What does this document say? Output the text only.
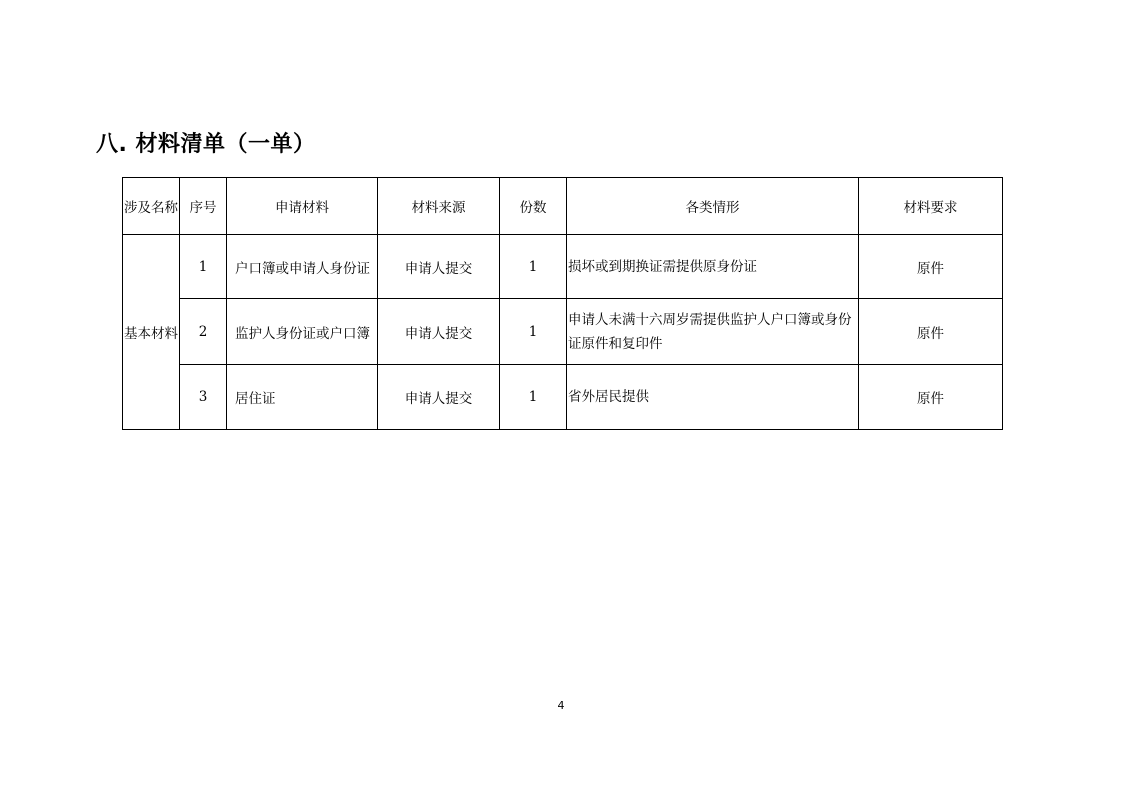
八. 材料清单（一单）
涉及名称	序号	申请材料	材料来源	份数	各类情形	材料要求
基本材料	1	户口簿或申请人身份证	申请人提交	1	损坏或到期换证需提供原身份证	原件
	2	监护人身份证或户口簿	申请人提交	1	申请人未满十六周岁需提供监护人户口簿或身份证原件和复印件	原件
	3	居住证	申请人提交	1	省外居民提供	原件
4
